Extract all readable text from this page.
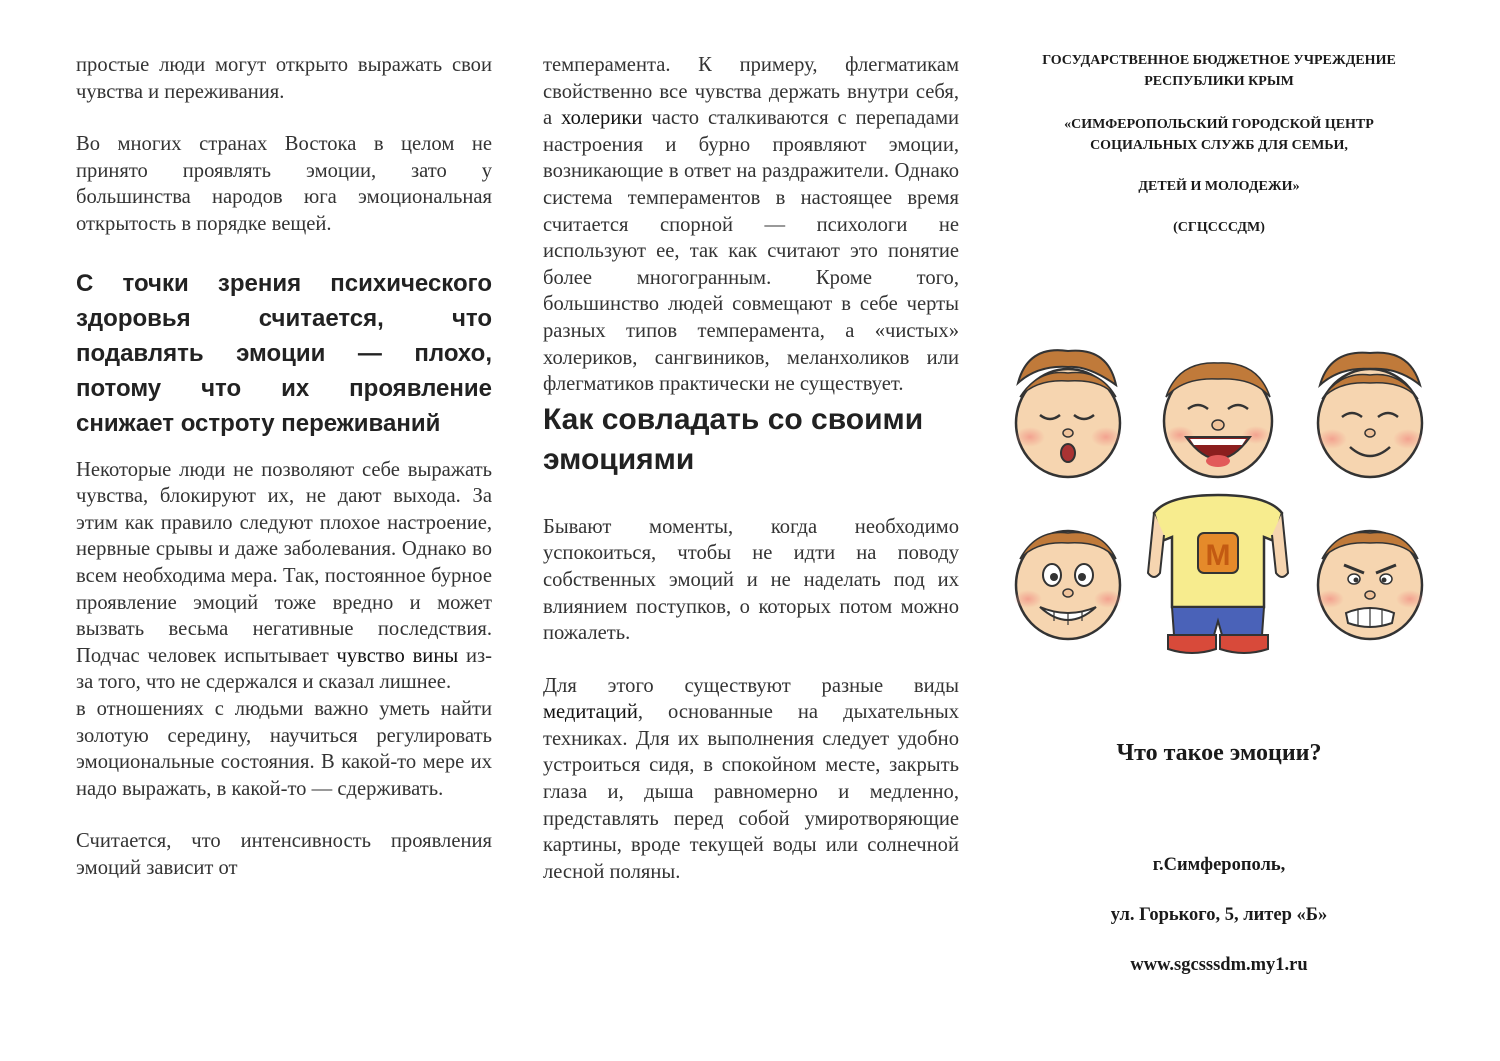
простые люди могут открыто выражать свои чувства и переживания.

Во многих странах Востока в целом не принято проявлять эмоции, зато у большинства народов юга эмоциональная открытость в порядке вещей.

С точки зрения психического здоровья считается, что подавлять эмоции — плохо, потому что их проявление снижает остроту переживаний

Некоторые люди не позволяют себе выражать чувства, блокируют их, не дают выхода. За этим как правило следуют плохое настроение, нервные срывы и даже заболевания. Однако во всем необходима мера. Так, постоянное бурное проявление эмоций тоже вредно и может вызвать весьма негативные последствия. Подчас человек испытывает чувство вины из-за того, что не сдержался и сказал лишнее.

в отношениях с людьми важно уметь найти золотую середину, научиться регулировать эмоциональные состояния. В какой-то мере их надо выражать, в какой-то — сдерживать.

Считается, что интенсивность проявления эмоций зависит от

темперамента. К примеру, флегматикам свойственно все чувства держать внутри себя, а холерики часто сталкиваются с перепадами настроения и бурно проявляют эмоции, возникающие в ответ на раздражители. Однако система темпераментов в настоящее время считается спорной — психологи не используют ее, так как считают это понятие более многогранным. Кроме того, большинство людей совмещают в себе черты разных типов темперамента, а «чистых» холериков, сангвиников, меланхоликов или флегматиков практически не существует.

Как совладать со своими эмоциями

Бывают моменты, когда необходимо успокоиться, чтобы не идти на поводу собственных эмоций и не наделать под их влиянием поступков, о которых потом можно пожалеть.

Для этого существуют разные виды медитаций, основанные на дыхательных техниках. Для их выполнения следует удобно устроиться сидя, в спокойном месте, закрыть глаза и, дыша равномерно и медленно, представлять перед собой умиротворяющие картины, вроде текущей воды или солнечной лесной поляны.

ГОСУДАРСТВЕННОЕ БЮДЖЕТНОЕ УЧРЕЖДЕНИЕ

РЕСПУБЛИКИ КРЫМ

«СИМФЕРОПОЛЬСКИЙ ГОРОДСКОЙ ЦЕНТР

СОЦИАЛЬНЫХ СЛУЖБ ДЛЯ СЕМЬИ,

ДЕТЕЙ И МОЛОДЕЖИ»

(СГЦСССДМ)

М

Что такое эмоции?

г.Симферополь,

ул. Горького, 5, литер «Б»

www.sgcsssdm.my1.ru
